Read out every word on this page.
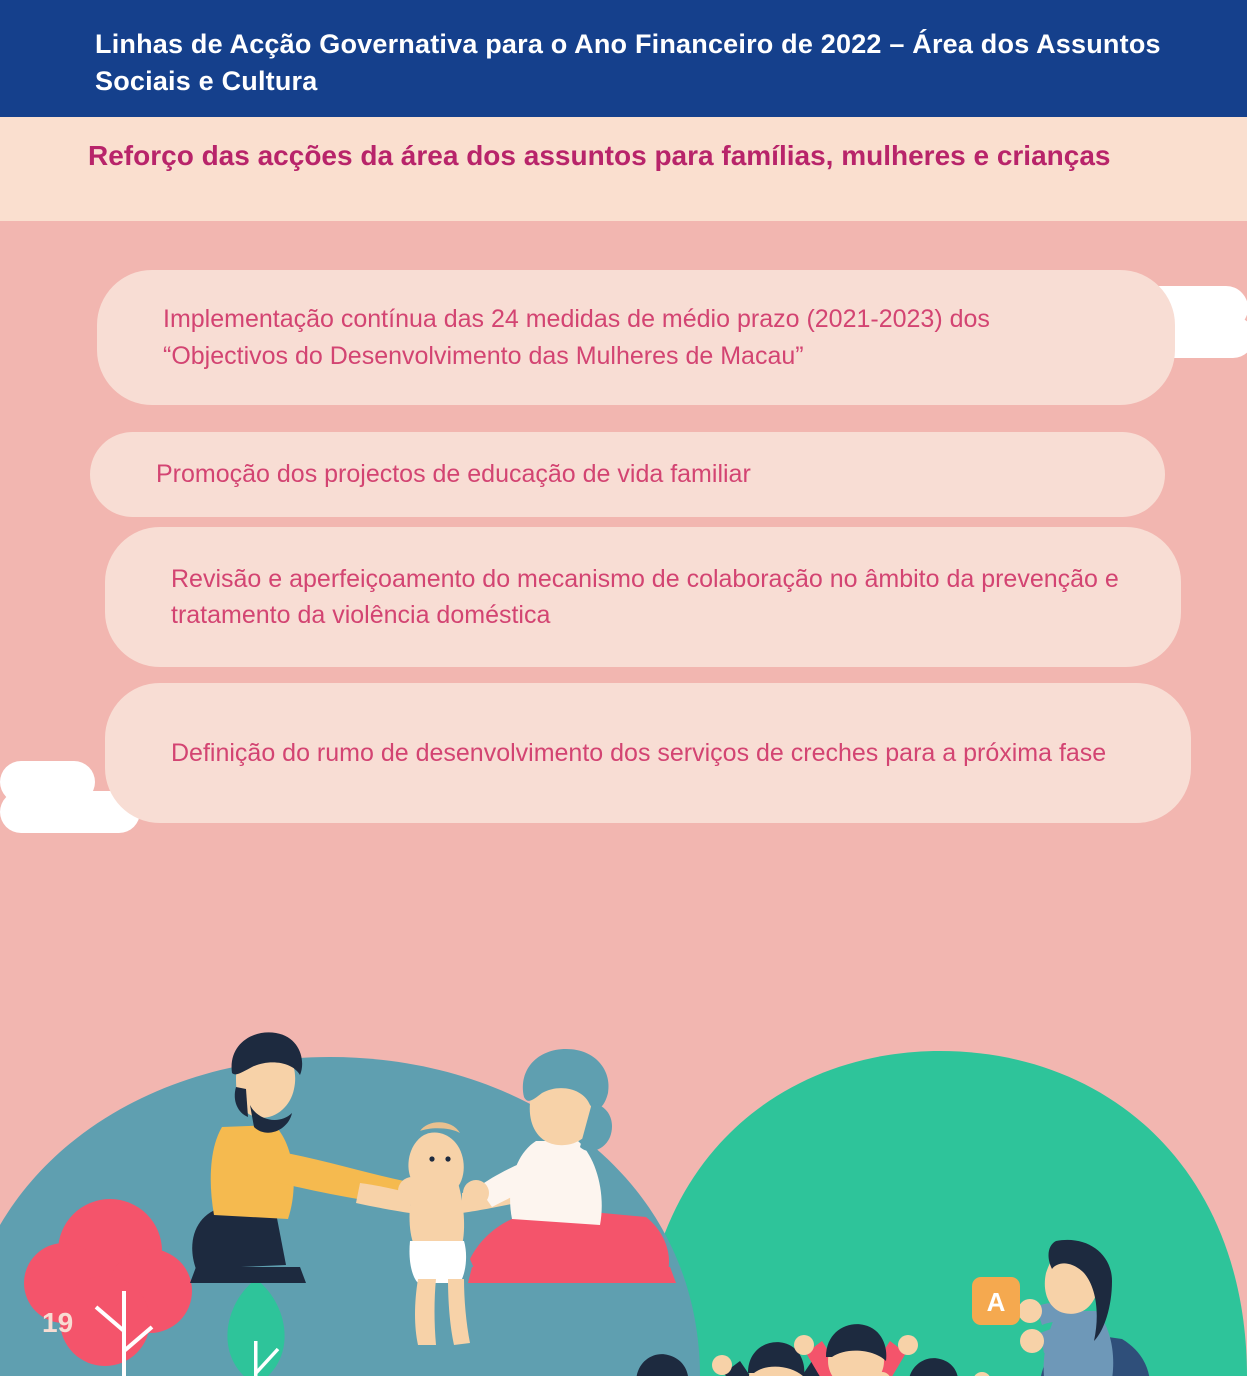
Linhas de Acção Governativa para o Ano Financeiro de 2022 – Área dos Assuntos Sociais e Cultura
Reforço das acções da área dos assuntos para famílias, mulheres e crianças
Implementação contínua das 24 medidas de médio prazo (2021-2023) dos “Objectivos do Desenvolvimento das Mulheres de Macau”
Promoção dos projectos de educação de vida familiar
Revisão e aperfeiçoamento do mecanismo de colaboração no âmbito da prevenção e tratamento da violência doméstica
Definição do rumo de desenvolvimento dos serviços de creches para a próxima fase
A
19
